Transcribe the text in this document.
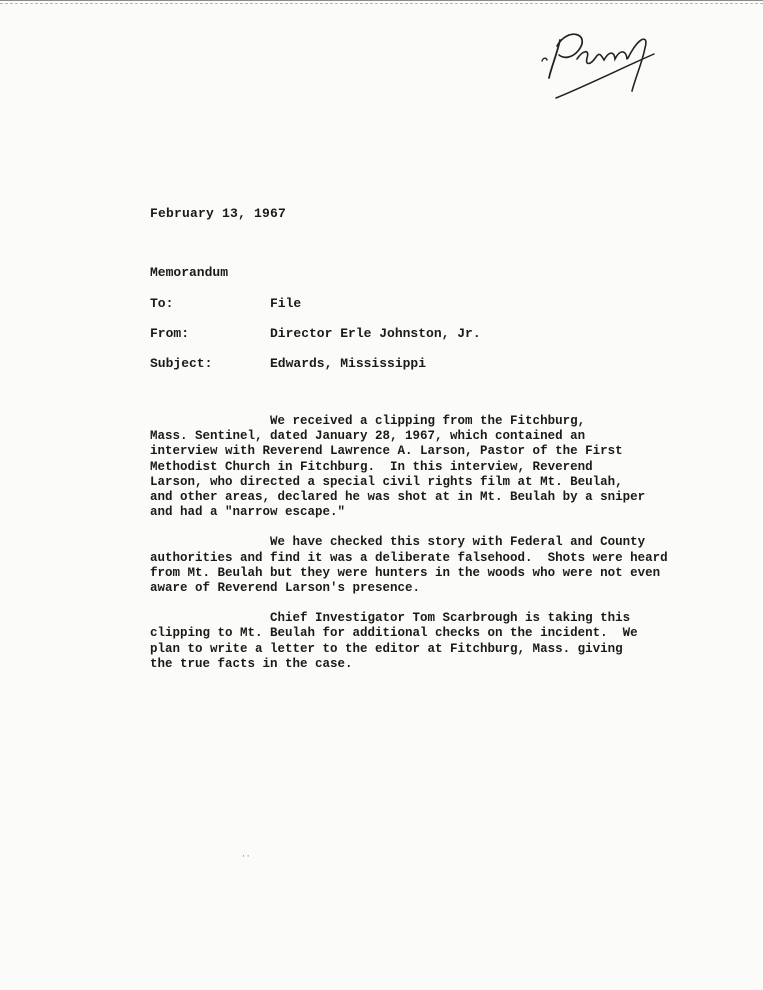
February 13, 1967
Memorandum
To:	File
From:	Director Erle Johnston, Jr.
Subject:	Edwards, Mississippi
We received a clipping from the Fitchburg,
Mass. Sentinel, dated January 28, 1967, which contained an
interview with Reverend Lawrence A. Larson, Pastor of the First
Methodist Church in Fitchburg.  In this interview, Reverend
Larson, who directed a special civil rights film at Mt. Beulah,
and other areas, declared he was shot at in Mt. Beulah by a sniper
and had a "narrow escape."
We have checked this story with Federal and County
authorities and find it was a deliberate falsehood.  Shots were heard
from Mt. Beulah but they were hunters in the woods who were not even
aware of Reverend Larson's presence.
Chief Investigator Tom Scarbrough is taking this
clipping to Mt. Beulah for additional checks on the incident.  We
plan to write a letter to the editor at Fitchburg, Mass. giving
the true facts in the case.
··
